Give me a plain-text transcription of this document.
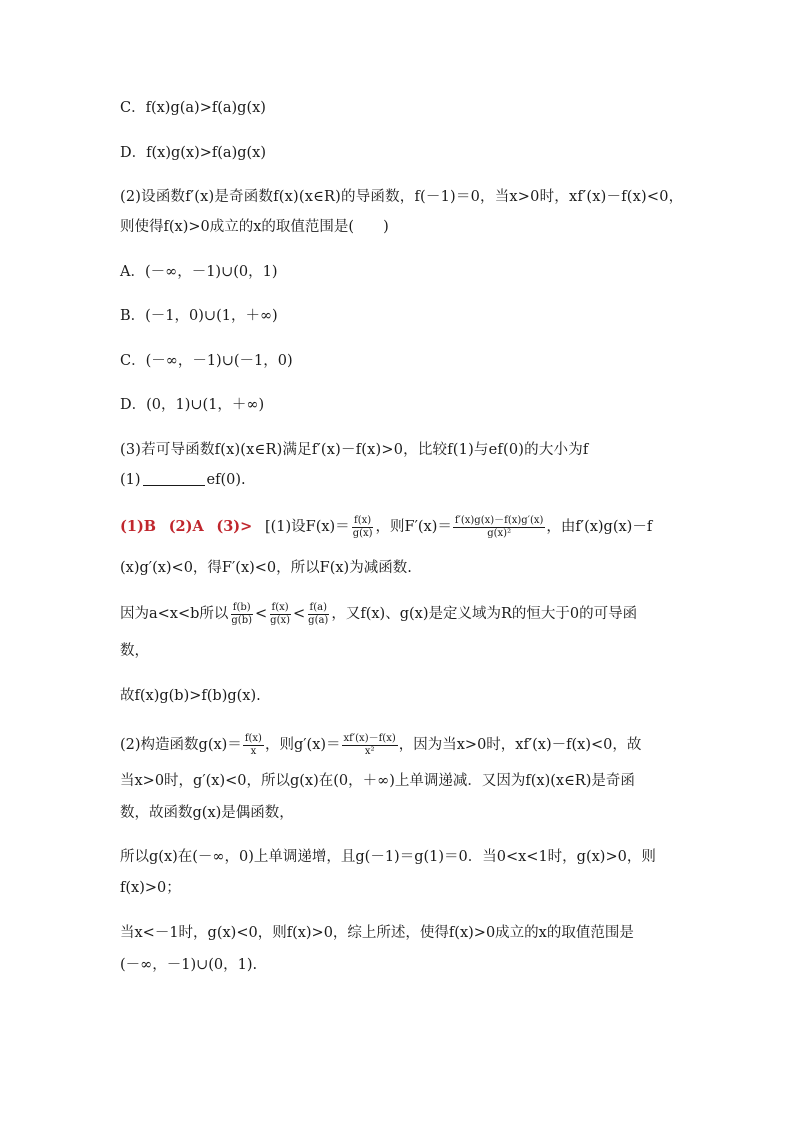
C．f(x)g(a)>f(a)g(x)
D．f(x)g(x)>f(a)g(x)
(2)设函数f′(x)是奇函数f(x)(x∈R)的导函数，f(－1)＝0，当x>0时，xf′(x)－f(x)<0，
则使得f(x)>0成立的x的取值范围是(　　)
A．(－∞，－1)∪(0，1)
B．(－1，0)∪(1，＋∞)
C．(－∞，－1)∪(－1，0)
D．(0，1)∪(1，＋∞)
(3)若可导函数f(x)(x∈R)满足f′(x)－f(x)>0，比较f(1)与ef(0)的大小为f
(1)	ef(0).
(1)B (2)A (3)> [(1)设$F(x)= \frac{f(x)}{g(x)}$ ，则$F'(x)= \frac{f'(x)g(x)-f(x)g'(x)}{\text{g(x)²}}$ ，由f′(x)g(x)－f
(x)g′(x)<0，得F′(x)<0，所以F(x)为减函数.
因为a<x<b所以 $\frac{f(b)}{g(b)} < \frac{f(x)}{g(x)} < \frac{f(a)}{g(a)}$ ，又f(x)、g(x)是定义域为R的恒大于0的可导函
数，
故f(x)g(b)>f(b)g(x).
(2)构造函数$g(x)= \frac{f(x)}{x}$ ，则$g'(x)= \frac{xf'(x)-f(x)}{\text{x²}}$ ，因为当x>0时，xf′(x)－f(x)<0，故
当x>0时，g′(x)<0，所以g(x)在(0，＋∞)上单调递减．又因为f(x)(x∈R)是奇函
数，故函数g(x)是偶函数，
所以g(x)在(－∞，0)上单调递增，且g(－1)＝g(1)＝0．当0<x<1时，g(x)>0，则
f(x)>0；
当x<－1时，g(x)<0，则f(x)>0，综上所述，使得f(x)>0成立的x的取值范围是
(－∞，－1)∪(0，1).
